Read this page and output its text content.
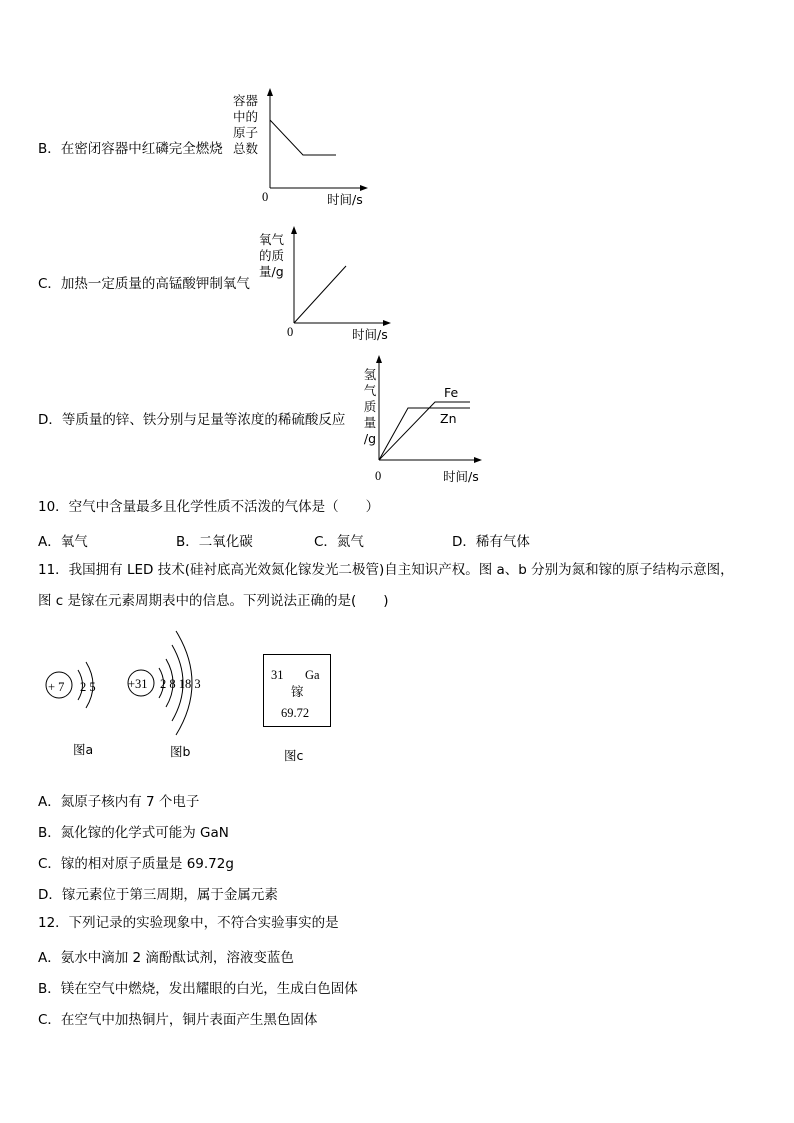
B．在密闭容器中红磷完全燃烧
容器
中的
原子
总数
0	时间/s
C．加热一定质量的高锰酸钾制氧气
氧气
的质
量/g
0	时间/s
D．等质量的锌、铁分别与足量等浓度的稀硫酸反应
氢
气
质
量
/g
Fe
Zn
0	时间/s
10．空气中含量最多且化学性质不活泼的气体是（　　）
A．氧气	B．二氧化碳	C．氮气	D．稀有气体
11．我国拥有 LED 技术(硅衬底高光效氮化镓发光二极管)自主知识产权。图 a、b 分别为氮和镓的原子结构示意图，
图 c 是镓在元素周期表中的信息。下列说法正确的是(　　)
+ 7 2 5
图a
+31 2 8 18 3
图b
31 Ga
镓
69.72
图c
A．氮原子核内有 7 个电子
B．氮化镓的化学式可能为 GaN
C．镓的相对原子质量是 69.72g
D．镓元素位于第三周期，属于金属元素
12．下列记录的实验现象中，不符合实验事实的是
A．氨水中滴加 2 滴酚酞试剂，溶液变蓝色
B．镁在空气中燃烧，发出耀眼的白光，生成白色固体
C．在空气中加热铜片，铜片表面产生黑色固体
